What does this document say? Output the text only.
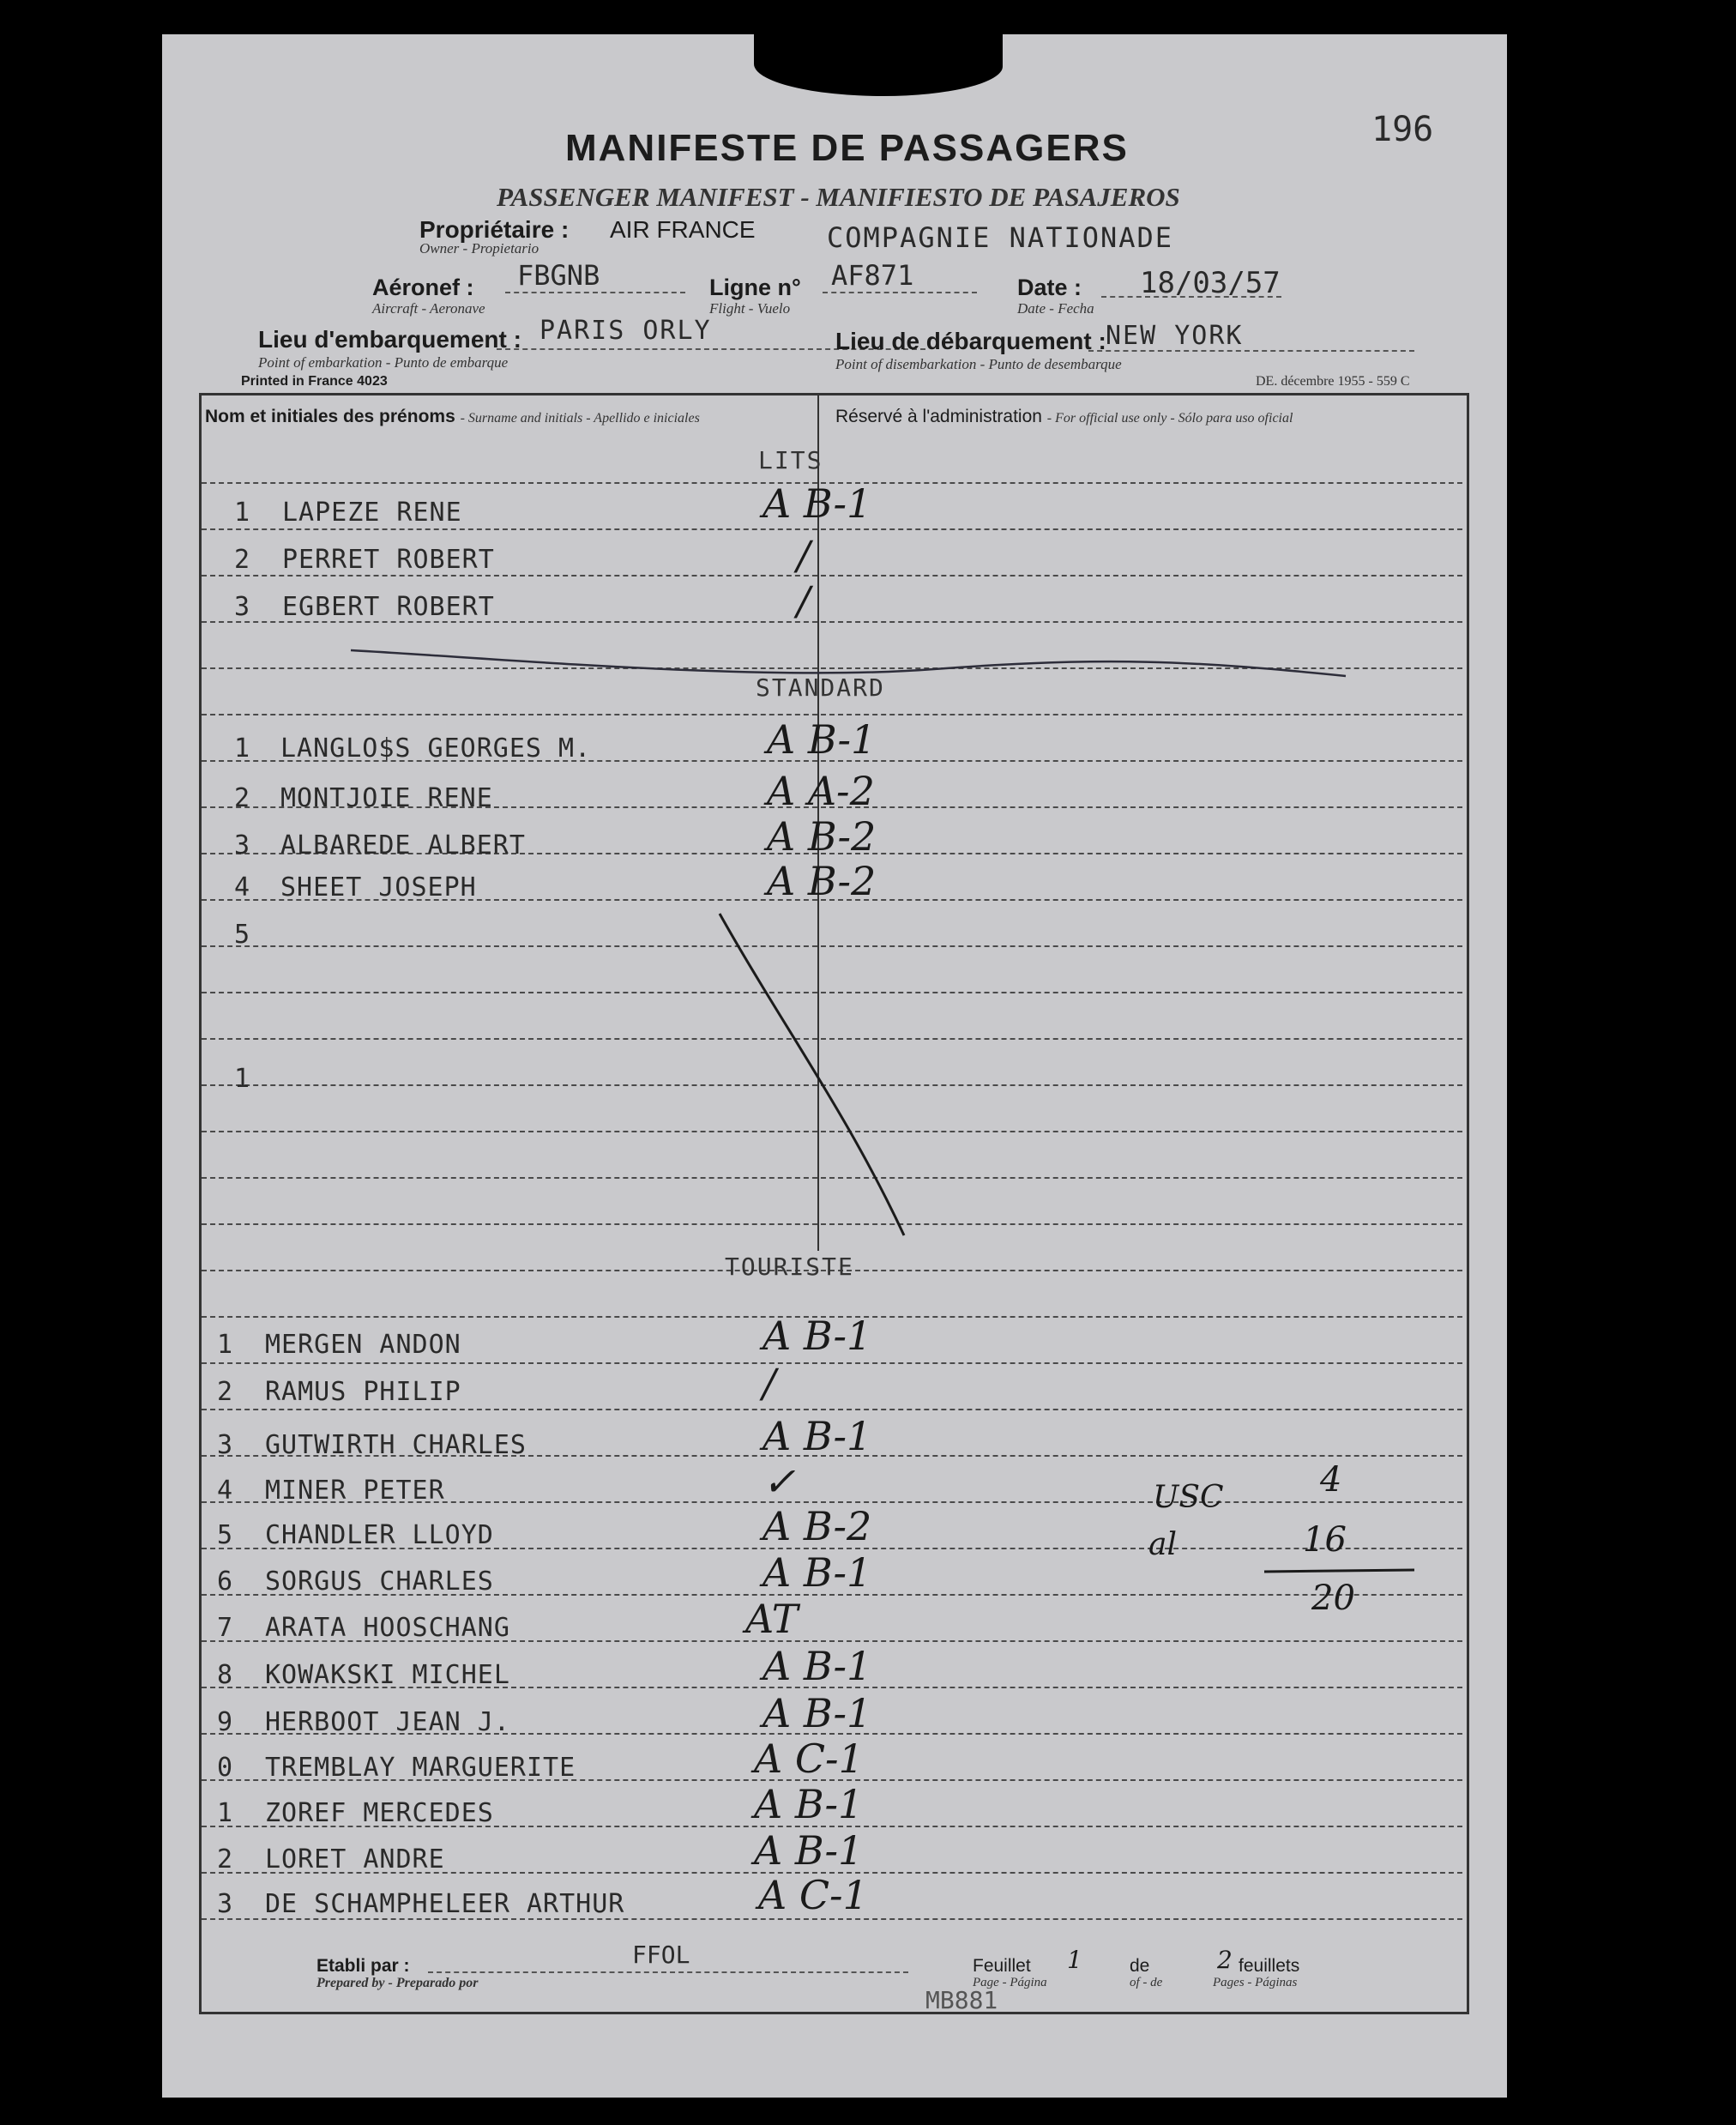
196
MANIFESTE DE PASSAGERS
PASSENGER MANIFEST - MANIFIESTO DE PASAJEROS
Propriétaire :
Owner - Propietario
AIR FRANCE	COMPAGNIE NATIONADE
Aéronef :
Aircraft - Aeronave
FBGNB	Ligne n°
Flight - Vuelo
AF871	Date :
Date - Fecha
18/03/57
Lieu d'embarquement :
Point of embarkation - Punto de embarque
PARIS ORLY	Lieu de débarquement :
Point of disembarkation - Punto de desembarque
NEW YORK
Printed in France 4023	DE. décembre 1955 - 559 C
Nom et initiales des prénoms - Surname and initials - Apellido e iniciales	Réservé à l'administration - For official use only - Sólo para uso oficial
LITS
STANDARD
TOURISTE
1 LAPEZE RENE	A B-1
2 PERRET ROBERT	/
3 EGBERT ROBERT	/
1 LANGLO$S GEORGES M.	A B-1
2 MONTJOIE RENE	A A-2
3 ALBAREDE ALBERT	A B-2
4 SHEET JOSEPH	A B-2
5
1
1 MERGEN ANDON	A B-1
2 RAMUS PHILIP	/
3 GUTWIRTH CHARLES	A B-1
4 MINER PETER	✓
5 CHANDLER LLOYD	A B-2
6 SORGUS CHARLES	A B-1
7 ARATA HOOSCHANG	AT
8 KOWAKSKI MICHEL	A B-1
9 HERBOOT JEAN J.	A B-1
0 TREMBLAY MARGUERITE	A C-1
1 ZOREF MERCEDES	A B-1
2 LORET ANDRE	A B-1
3 DE SCHAMPHELEER ARTHUR	A C-1
USC	4
al	16
20
Etabli par :
Prepared by - Preparado por
FFOL	Feuillet
Page - Página
1	de
of - de
2 feuillets
Pages - Páginas
MB881
